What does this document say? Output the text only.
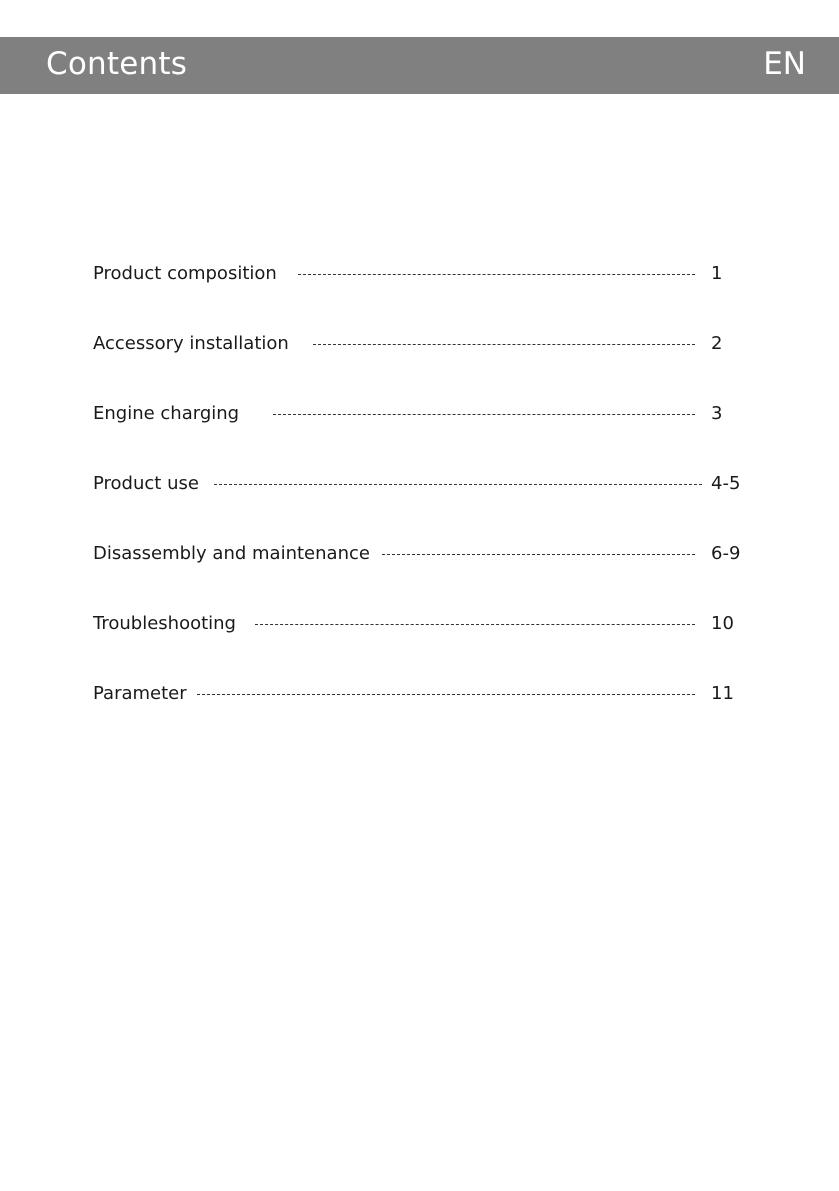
Contents	EN
Product composition	1
Accessory installation	2
Engine charging	3
Product use	4-5
Disassembly and maintenance	6-9
Troubleshooting	10
Parameter	11
